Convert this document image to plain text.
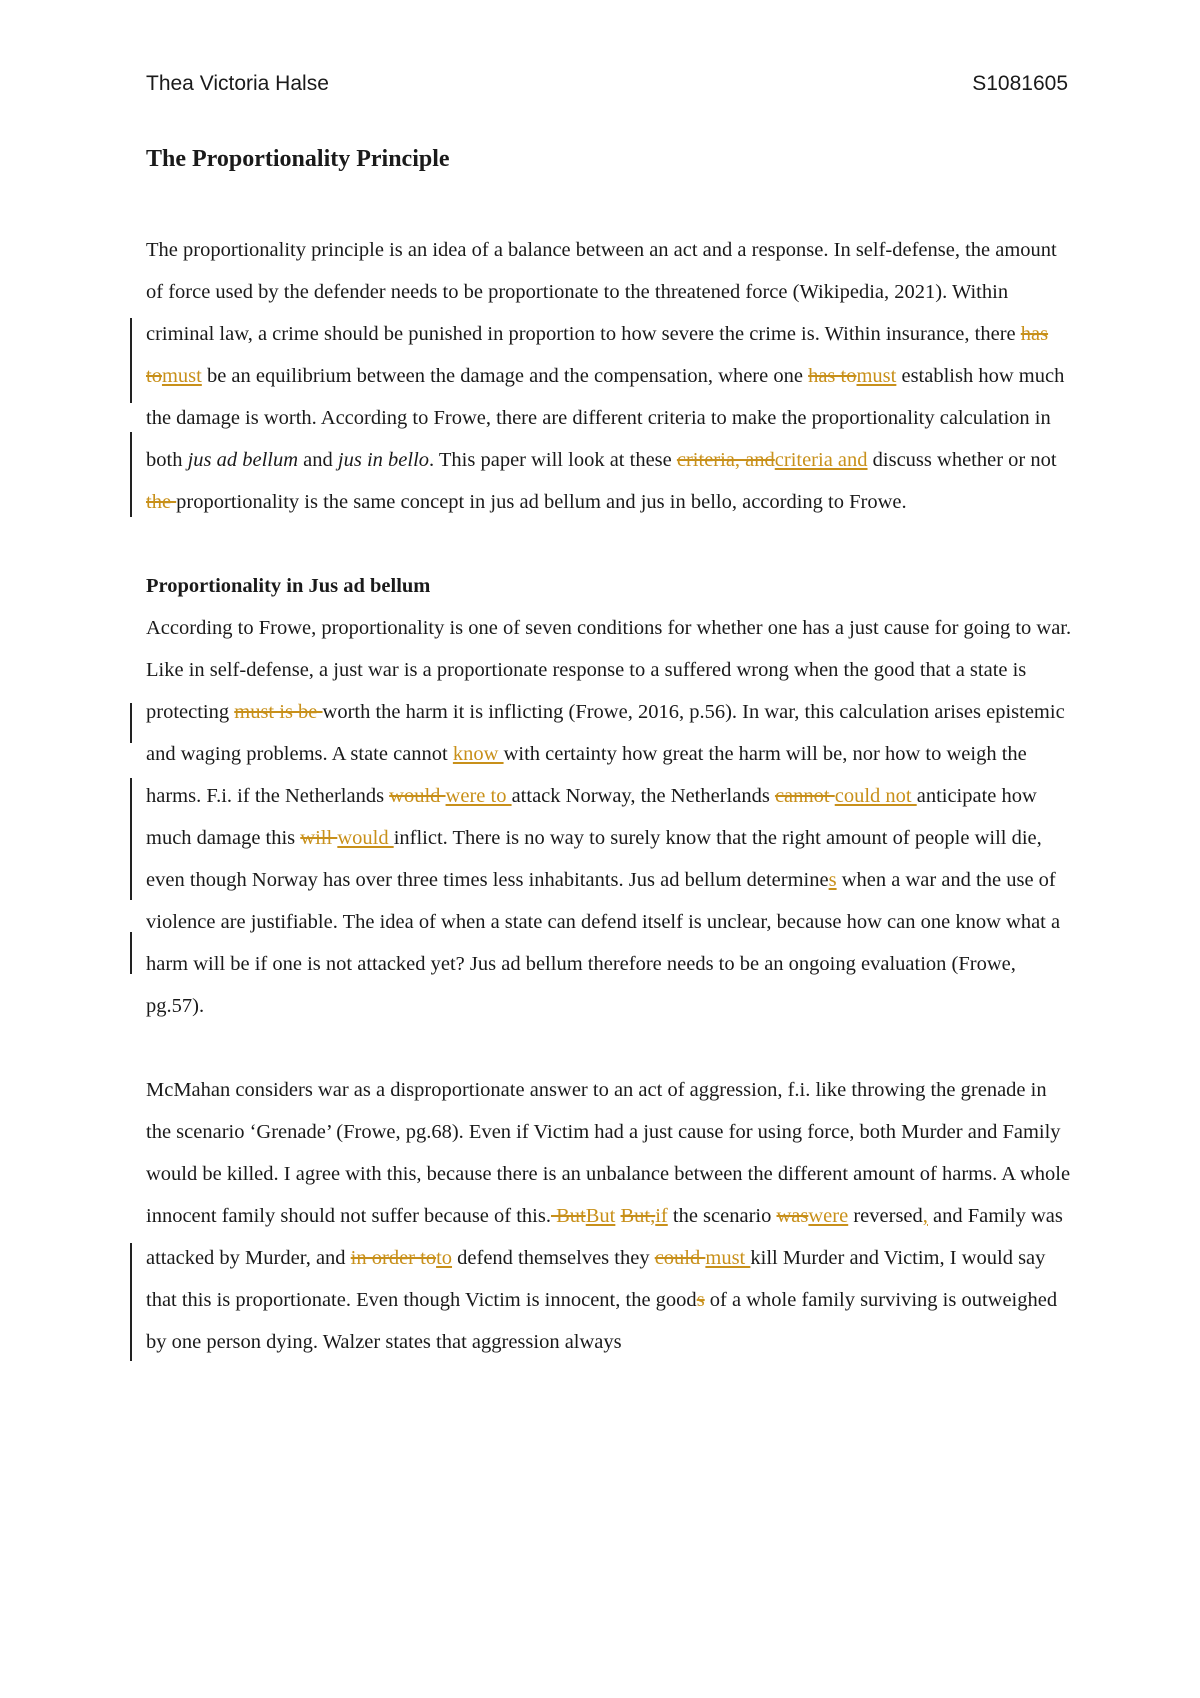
Thea Victoria Halse	S1081605
The Proportionality Principle

The proportionality principle is an idea of a balance between an act and a response. In self-defense, the amount of force used by the defender needs to be proportionate to the threatened force (Wikipedia, 2021). Within criminal law, a crime should be punished in proportion to how severe the crime is. Within insurance, there has tomust be an equilibrium between the damage and the compensation, where one has tomust establish how much the damage is worth. According to Frowe, there are different criteria to make the proportionality calculation in both jus ad bellum and jus in bello. This paper will look at these criteria, andcriteria and discuss whether or not the proportionality is the same concept in jus ad bellum and jus in bello, according to Frowe.

Proportionality in Jus ad bellum

According to Frowe, proportionality is one of seven conditions for whether one has a just cause for going to war. Like in self-defense, a just war is a proportionate response to a suffered wrong when the good that a state is protecting must is be worth the harm it is inflicting (Frowe, 2016, p.56). In war, this calculation arises epistemic and waging problems. A state cannot know with certainty how great the harm will be, nor how to weigh the harms. F.i. if the Netherlands would were to attack Norway, the Netherlands cannot could not anticipate how much damage this will would inflict. There is no way to surely know that the right amount of people will die, even though Norway has over three times less inhabitants. Jus ad bellum determines when a war and the use of violence are justifiable. The idea of when a state can defend itself is unclear, because how can one know what a harm will be if one is not attacked yet? Jus ad bellum therefore needs to be an ongoing evaluation (Frowe, pg.57).

McMahan considers war as a disproportionate answer to an act of aggression, f.i. like throwing the grenade in the scenario ‘Grenade’ (Frowe, pg.68). Even if Victim had a just cause for using force, both Murder and Family would be killed. I agree with this, because there is an unbalance between the different amount of harms. A whole innocent family should not suffer because of this. ButBut But,if the scenario waswere reversed, and Family was attacked by Murder, and in order toto defend themselves they could must kill Murder and Victim, I would say that this is proportionate. Even though Victim is innocent, the goods of a whole family surviving is outweighed by one person dying. Walzer states that aggression always
